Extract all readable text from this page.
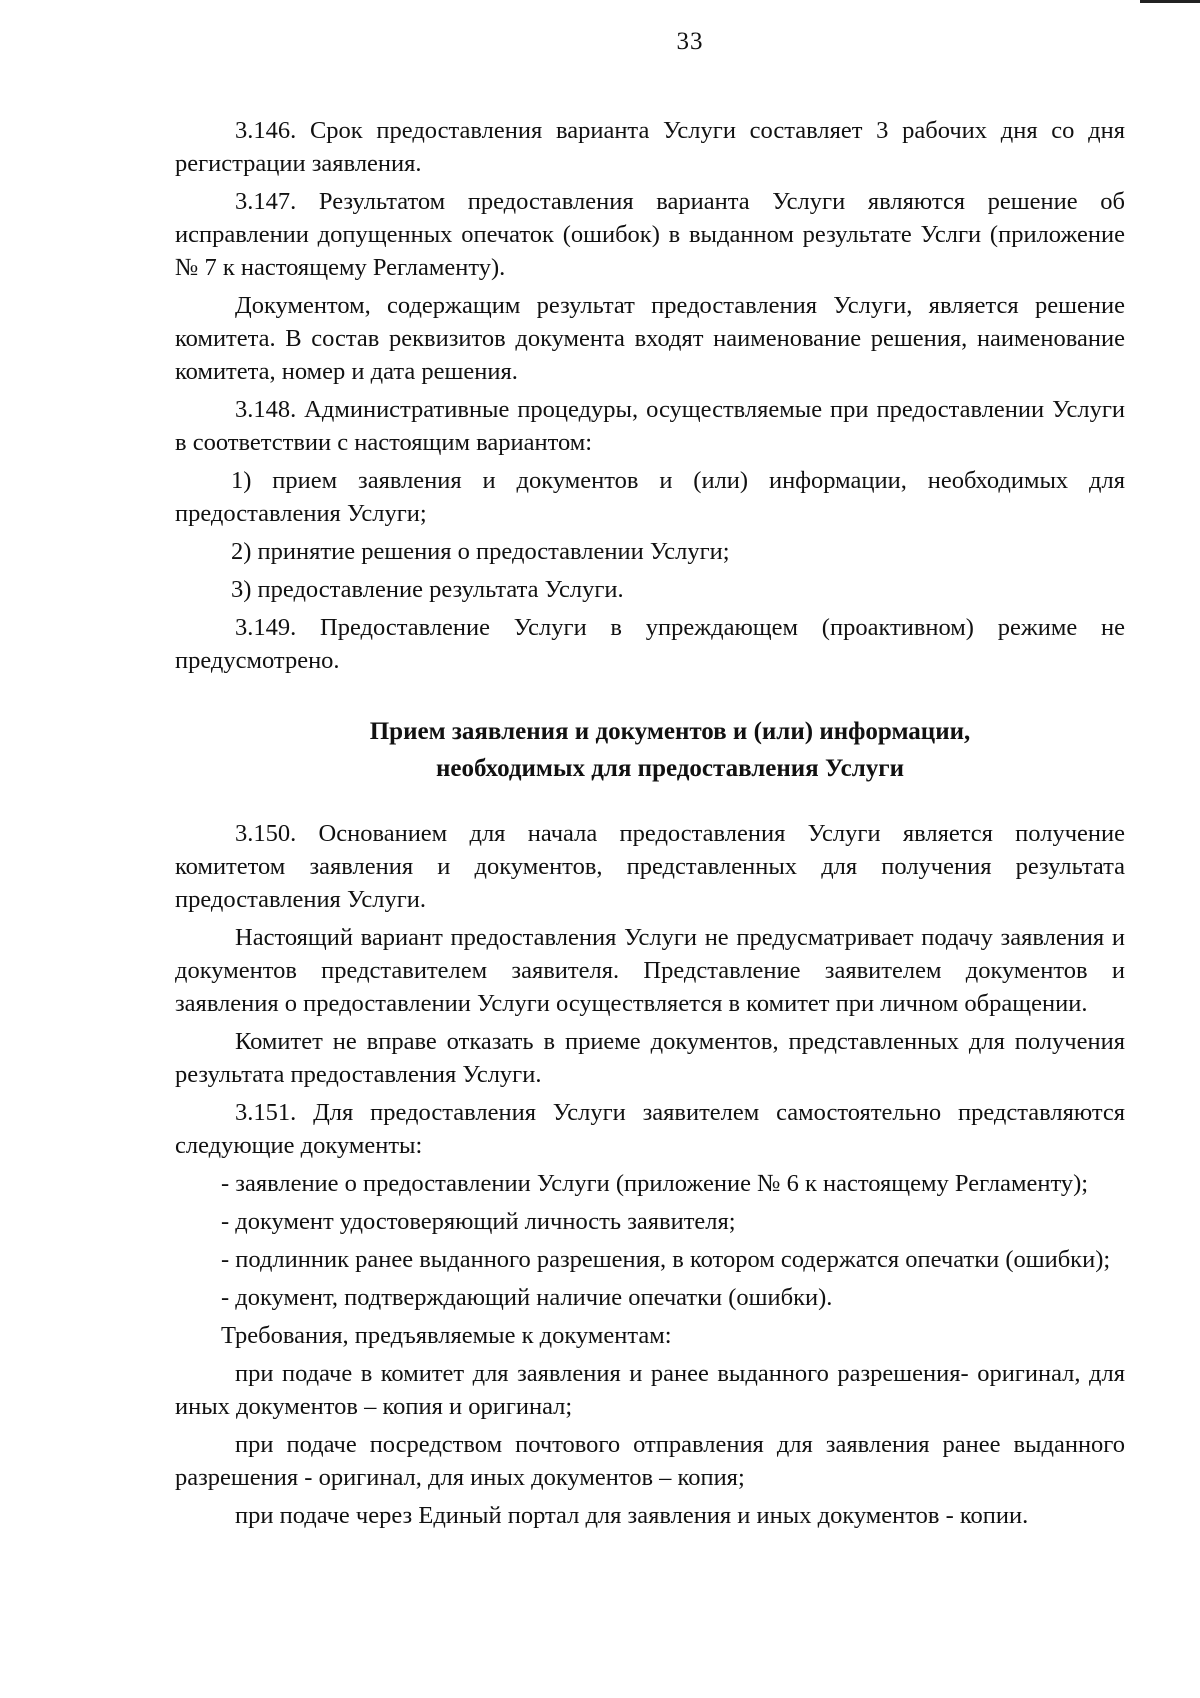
33

3.146. Срок предоставления варианта Услуги составляет 3 рабочих дня со дня регистрации заявления.

3.147. Результатом предоставления варианта Услуги являются решение об исправлении допущенных опечаток (ошибок) в выданном результате Услги (приложение № 7 к настоящему Регламенту).

Документом, содержащим результат предоставления Услуги, является решение комитета. В состав реквизитов документа входят наименование решения, наименование комитета, номер и дата решения.

3.148. Административные процедуры, осуществляемые при предоставлении Услуги в соответствии с настоящим вариантом:

1) прием заявления и документов и (или) информации, необходимых для предоставления Услуги;

2) принятие решения о предоставлении Услуги;

3) предоставление результата Услуги.

3.149. Предоставление Услуги в упреждающем (проактивном) режиме не предусмотрено.

Прием заявления и документов и (или) информации,
необходимых для предоставления Услуги

3.150. Основанием для начала предоставления Услуги является получение комитетом заявления и документов, представленных для получения результата предоставления Услуги.

Настоящий вариант предоставления Услуги не предусматривает подачу заявления и документов представителем заявителя. Представление заявителем документов и заявления о предоставлении Услуги осуществляется в комитет при личном обращении.

Комитет не вправе отказать в приеме документов, представленных для получения результата предоставления Услуги.

3.151. Для предоставления Услуги заявителем самостоятельно представляются следующие документы:

- заявление о предоставлении Услуги (приложение № 6 к настоящему Регламенту);

- документ удостоверяющий личность заявителя;

- подлинник ранее выданного разрешения, в котором содержатся опечатки (ошибки);

- документ, подтверждающий наличие опечатки (ошибки).

Требования, предъявляемые к документам:

при подаче в комитет для заявления и ранее выданного разрешения- оригинал, для иных документов – копия и оригинал;

при подаче посредством почтового отправления для заявления ранее выданного разрешения - оригинал, для иных документов – копия;

при подаче через Единый портал для заявления и иных документов - копии.
